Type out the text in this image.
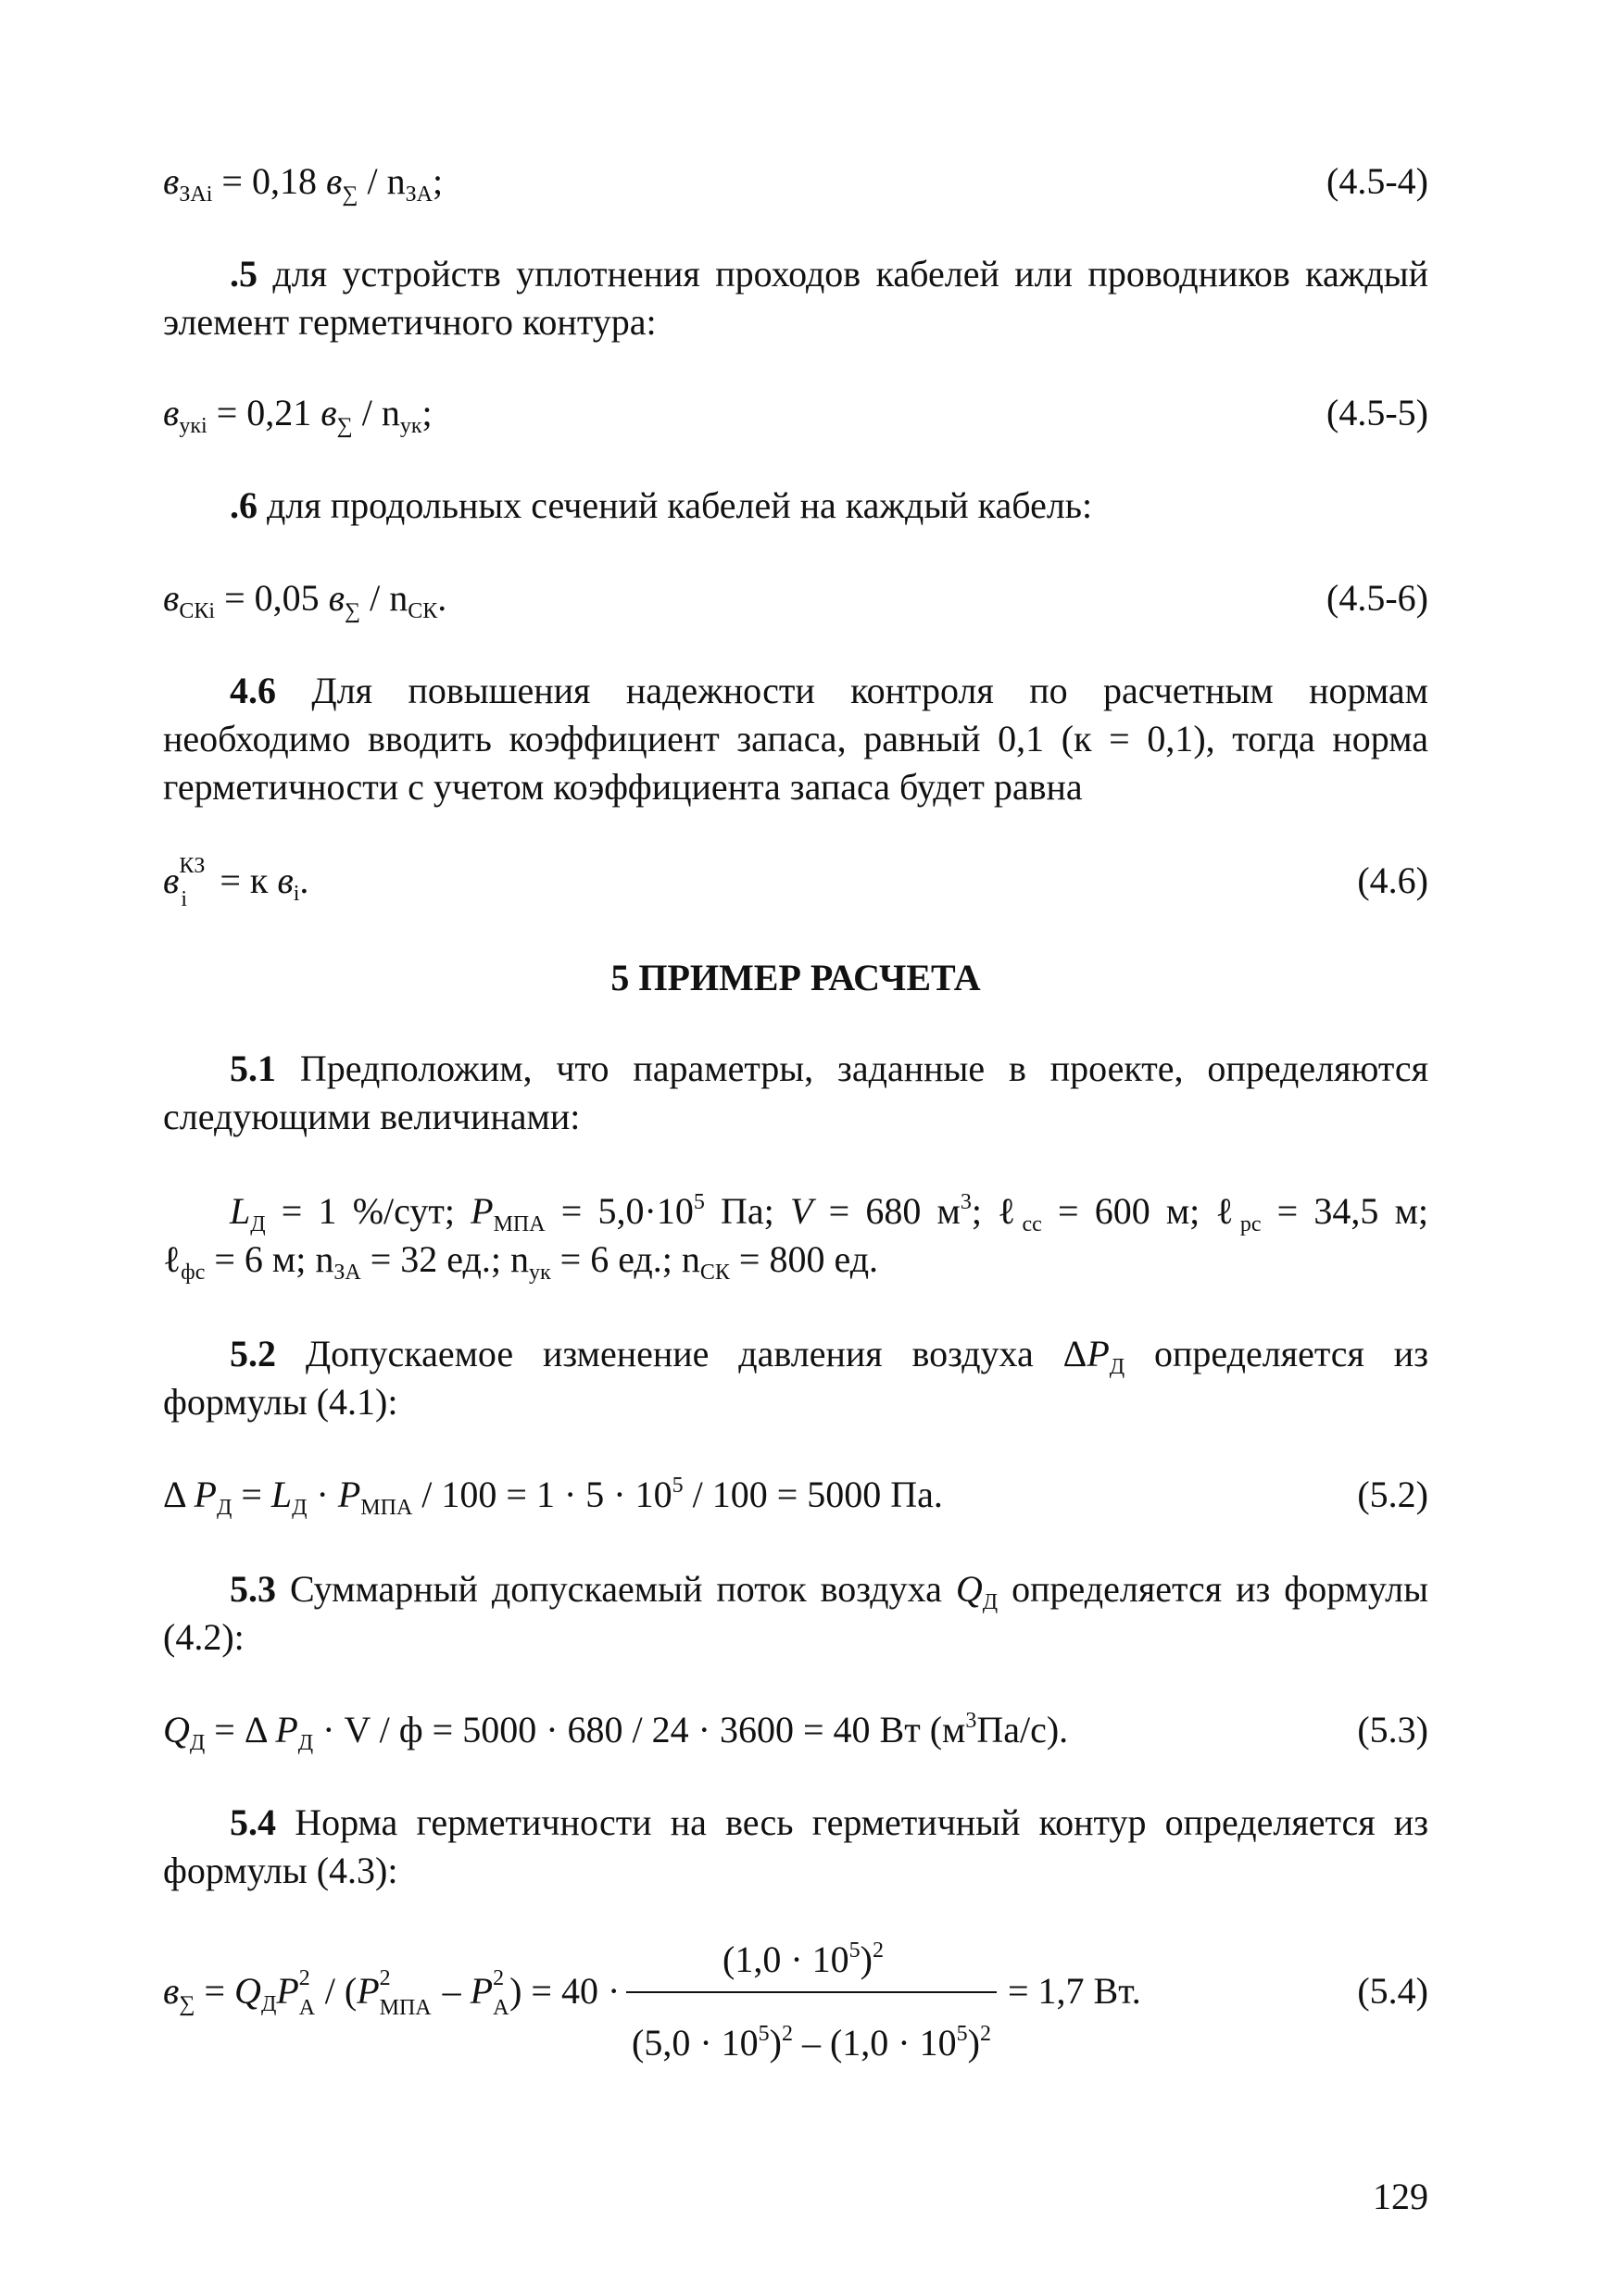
$в_{ЗАi} = 0,18$ $в_\sum / n_{ЗА}$;	(4.5-4)
.5 для устройств уплотнения проходов кабелей или проводников каждый элемент герметичного контура:
$в_{укi} = 0,21$ $в_\sum / n_{ук}$;	(4.5-5)
.6 для продольных сечений кабелей на каждый кабель:
$в_{СКi} = 0,05$ $в_\sum / n_{СК}$.	(4.5-6)
4.6 Для повышения надежности контроля по расчетным нормам необходимо вводить коэффициент запаса, равный 0,1 (к = 0,1), тогда норма герметичности с учетом коэффициента запаса будет равна
в КЗ
i = к $в_i$.	(4.6)
5 ПРИМЕР РАСЧЕТА
5.1 Предположим, что параметры, заданные в проекте, определяются следующими величинами:
$L_Д = 1$ %/сут; $P_{МПА} = 5,0\cdot 10^5$ Па; V = 680 $м^3$; ℓ$_{сс}$ = 600 м; ℓ$_{рс}$ = 34,5 м;
ℓ$_{фс}$ = 6 м; $n_{ЗА} = 32$ ед.; $n_{ук} = 6$ ед.; $n_{СК} = 800$ ед.
5.2 Допускаемое изменение давления воздуха $\Delta P_Д$ определяется из формулы (4.1):
Δ $P_Д = L_Д \cdot P_{МПА} / 100 = 1 \cdot 5 \cdot 10^5 / 100 = 5000$ Па.	(5.2)
5.3 Суммарный допускаемый поток воздуха $Q_Д$ определяется из формулы (4.2):
$Q_Д = \Delta$ $P_Д \cdot V / ф = 5000 \cdot 680 / 24 \cdot 3600 = 40$ Вт $(м^3Па/с)$.	(5.3)
5.4 Норма герметичности на весь герметичный контур определяется из формулы (4.3):
$(1,0 \cdot 10^5)^2$
$в_\sum = Q_ДP$ 2
А / (P 2
МПА – P 2
А ) = 40 ·	= 1,7 Вт.	(5.4)
$(5,0 \cdot 10^5)^2 - (1,0 \cdot 10^5)^2$
129
